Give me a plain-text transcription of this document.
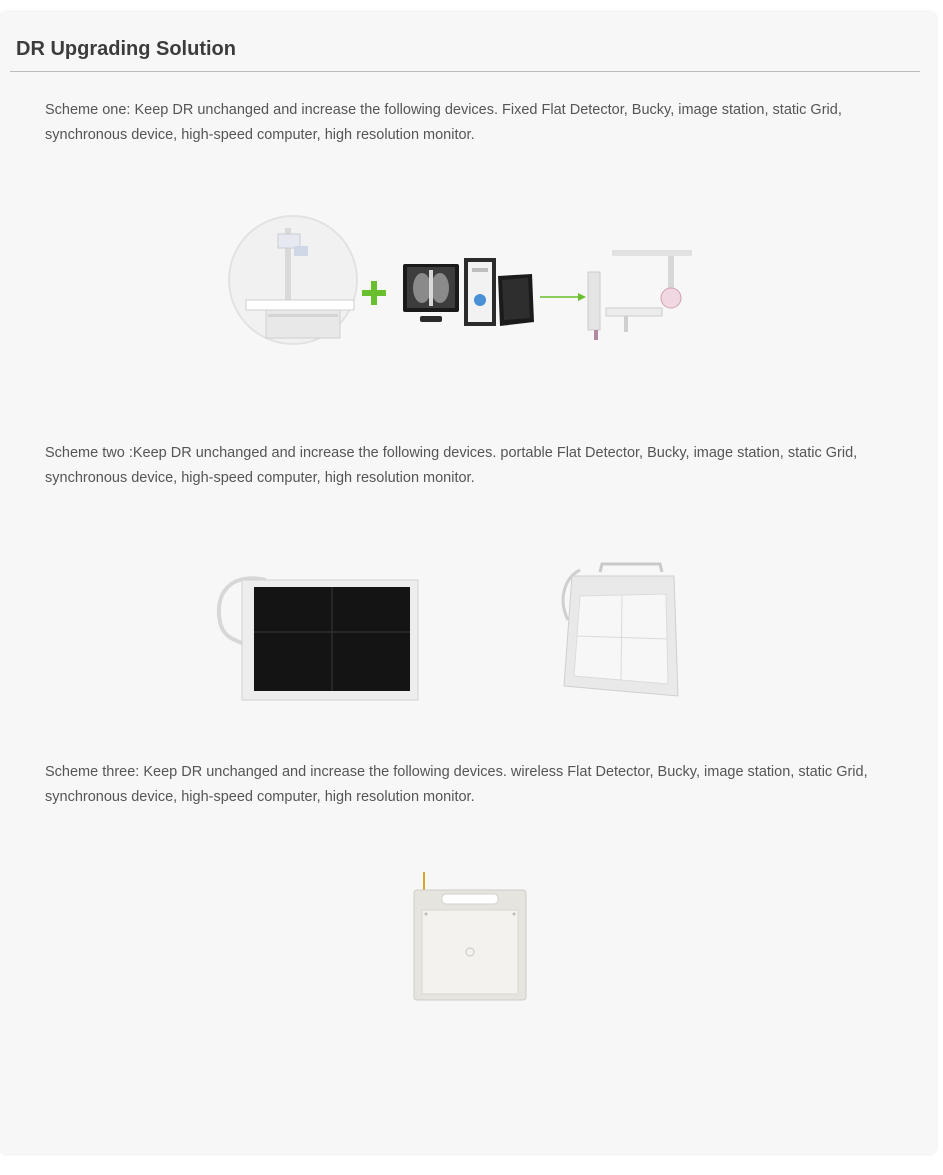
DR Upgrading Solution

Scheme one: Keep DR unchanged and increase the following devices. Fixed Flat Detector, Bucky, image station, static Grid,
synchronous device, high-speed computer, high resolution monitor.

Scheme two :Keep DR unchanged and increase the following devices. portable Flat Detector, Bucky, image station, static Grid,
synchronous device, high-speed computer, high resolution monitor.

Scheme three: Keep DR unchanged and increase the following devices. wireless Flat Detector, Bucky, image station, static Grid,
synchronous device, high-speed computer, high resolution monitor.
